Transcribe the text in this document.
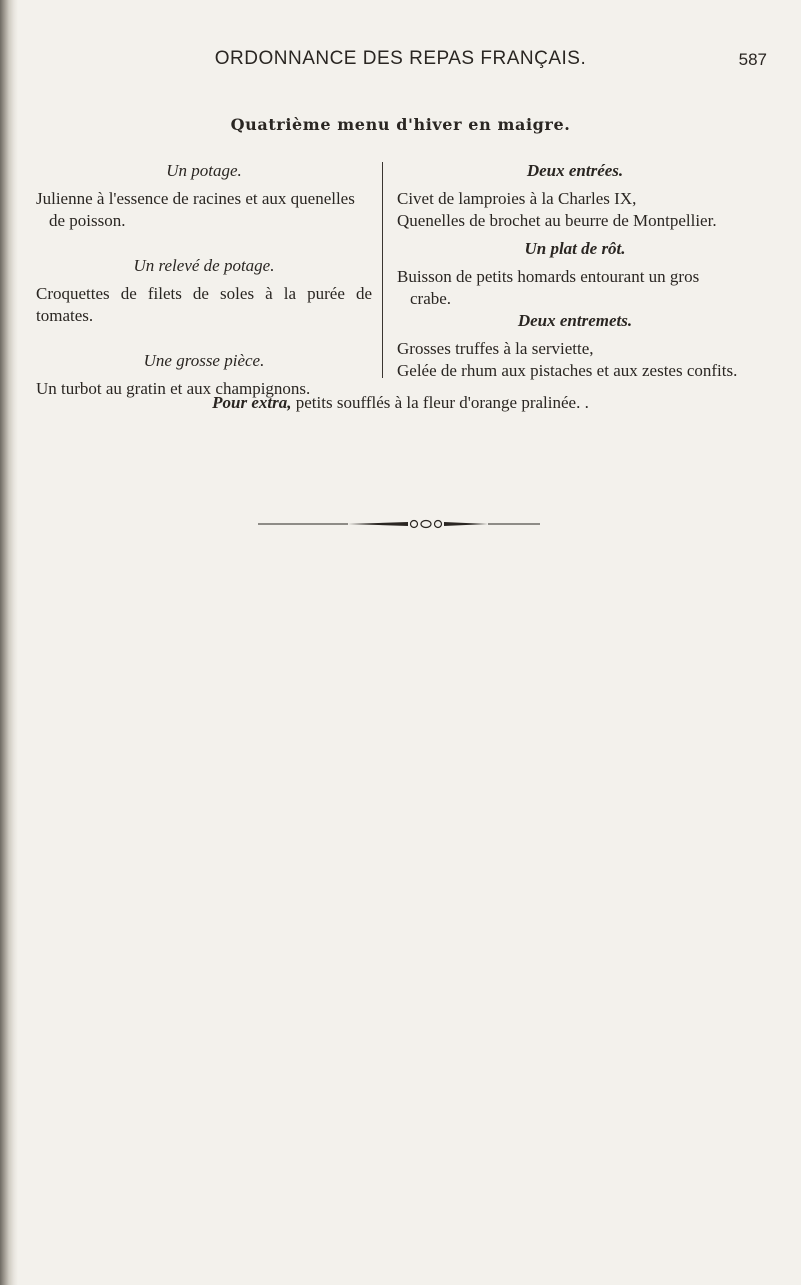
ORDONNANCE DES REPAS FRANÇAIS.	587
Quatrième menu d'hiver en maigre.
Un potage.
Julienne à l'essence de racines et aux quenelles
de poisson.
Un relevé de potage.
Croquettes de filets de soles à la purée de tomates.
Une grosse pièce.
Un turbot au gratin et aux champignons.
Deux entrées.
Civet de lamproies à la Charles IX,
Quenelles de brochet au beurre de Montpellier.
Un plat de rôt.
Buisson de petits homards entourant un gros
crabe.
Deux entremets.
Grosses truffes à la serviette,
Gelée de rhum aux pistaches et aux zestes confits.
Pour extra, petits soufflés à la fleur d'orange pralinée. .
